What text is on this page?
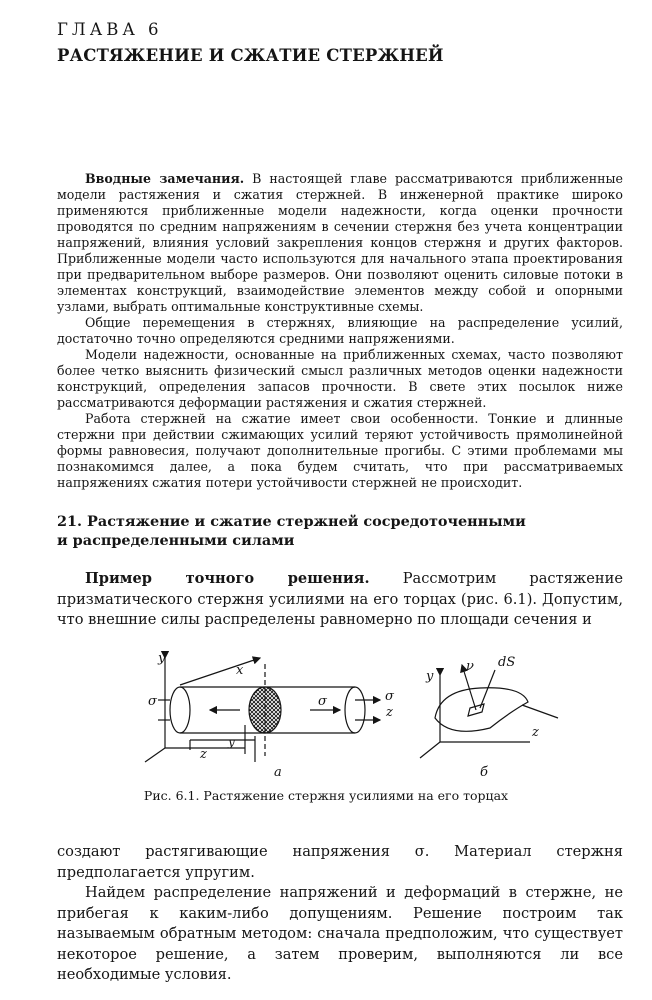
ГЛАВА 6
РАСТЯЖЕНИЕ И СЖАТИЕ СТЕРЖНЕЙ

Вводные замечания. В настоящей главе рассматриваются приближенные модели растяжения и сжатия стержней. В инженерной практике широко применяются приближенные модели надежности, когда оценки прочности проводятся по средним напряжениям в сечении стержня без учета концентрации напряжений, влияния условий закрепления концов стержня и других факторов. Приближенные модели часто используются для начального этапа проектирования при предварительном выборе размеров. Они позволяют оценить силовые потоки в элементах конструкций, взаимодействие элементов между собой и опорными узлами, выбрать оптимальные конструктивные схемы.

Общие перемещения в стержнях, влияющие на распределение усилий, достаточно точно определяются средними напряжениями.

Модели надежности, основанные на приближенных схемах, часто позволяют более четко выяснить физический смысл различных методов оценки надежности конструкций, определения запасов прочности. В свете этих посылок ниже рассматриваются деформации растяжения и сжатия стержней.

Работа стержней на сжатие имеет свои особенности. Тонкие и длинные стержни при действии сжимающих усилий теряют устойчивость прямолинейной формы равновесия, получают дополнительные прогибы. С этими проблемами мы познакомимся далее, а пока будем считать, что при рассматриваемых напряжениях сжатия потери устойчивости стержней не происходит.

21. Растяжение и сжатие стержней сосредоточенными
и распределенными силами

Пример точного решения. Рассмотрим растяжение призматического стержня усилиями на его торцах (рис. 6.1). Допустим, что внешние силы распределены равномерно по площади сечения и

y
x
z
σ	σ	σ
z
y
y
ν dS
z
а	б

Рис. 6.1. Растяжение стержня усилиями на его торцах

создают растягивающие напряжения σ. Материал стержня предполагается упругим.

Найдем распределение напряжений и деформаций в стержне, не прибегая к каким-либо допущениям. Решение построим так называемым обратным методом: сначала предположим, что существует некоторое решение, а затем проверим, выполняются ли все необходимые условия.
